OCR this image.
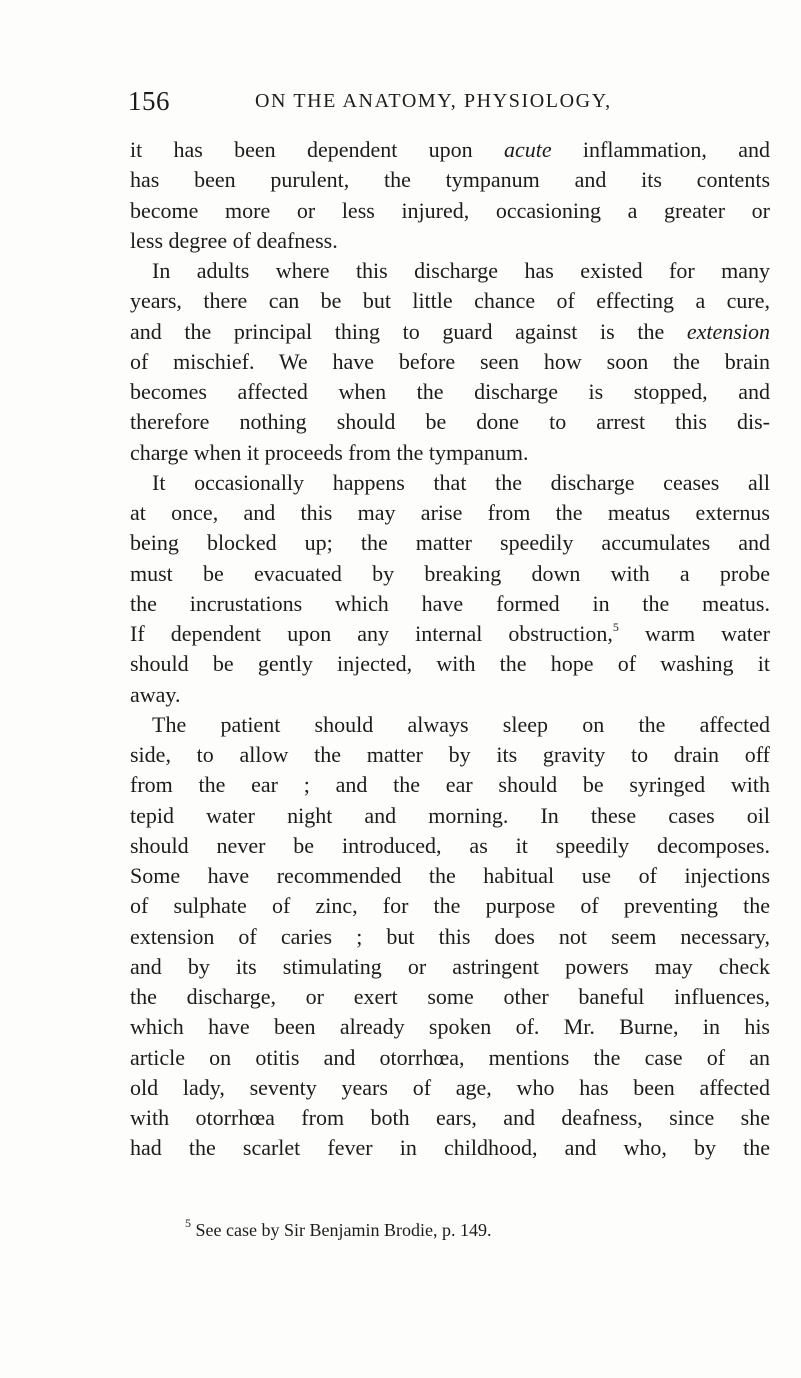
156	ON THE ANATOMY, PHYSIOLOGY,
it has been dependent upon acute inflammation, and
has been purulent, the tympanum and its contents
become more or less injured, occasioning a greater or
less degree of deafness.
In adults where this discharge has existed for many
years, there can be but little chance of effecting a cure,
and the principal thing to guard against is the extension
of mischief. We have before seen how soon the brain
becomes affected when the discharge is stopped, and
therefore nothing should be done to arrest this dis-
charge when it proceeds from the tympanum.
It occasionally happens that the discharge ceases all
at once, and this may arise from the meatus externus
being blocked up; the matter speedily accumulates and
must be evacuated by breaking down with a probe
the incrustations which have formed in the meatus.
If dependent upon any internal obstruction,$^5$ warm water
should be gently injected, with the hope of washing it
away.
The patient should always sleep on the affected
side, to allow the matter by its gravity to drain off
from the ear ; and the ear should be syringed with
tepid water night and morning. In these cases oil
should never be introduced, as it speedily decomposes.
Some have recommended the habitual use of injections
of sulphate of zinc, for the purpose of preventing the
extension of caries ; but this does not seem necessary,
and by its stimulating or astringent powers may check
the discharge, or exert some other baneful influences,
which have been already spoken of. Mr. Burne, in his
article on otitis and otorrhœa, mentions the case of an
old lady, seventy years of age, who has been affected
with otorrhœa from both ears, and deafness, since she
had the scarlet fever in childhood, and who, by the
$^5$ See case by Sir Benjamin Brodie, p. 149.
